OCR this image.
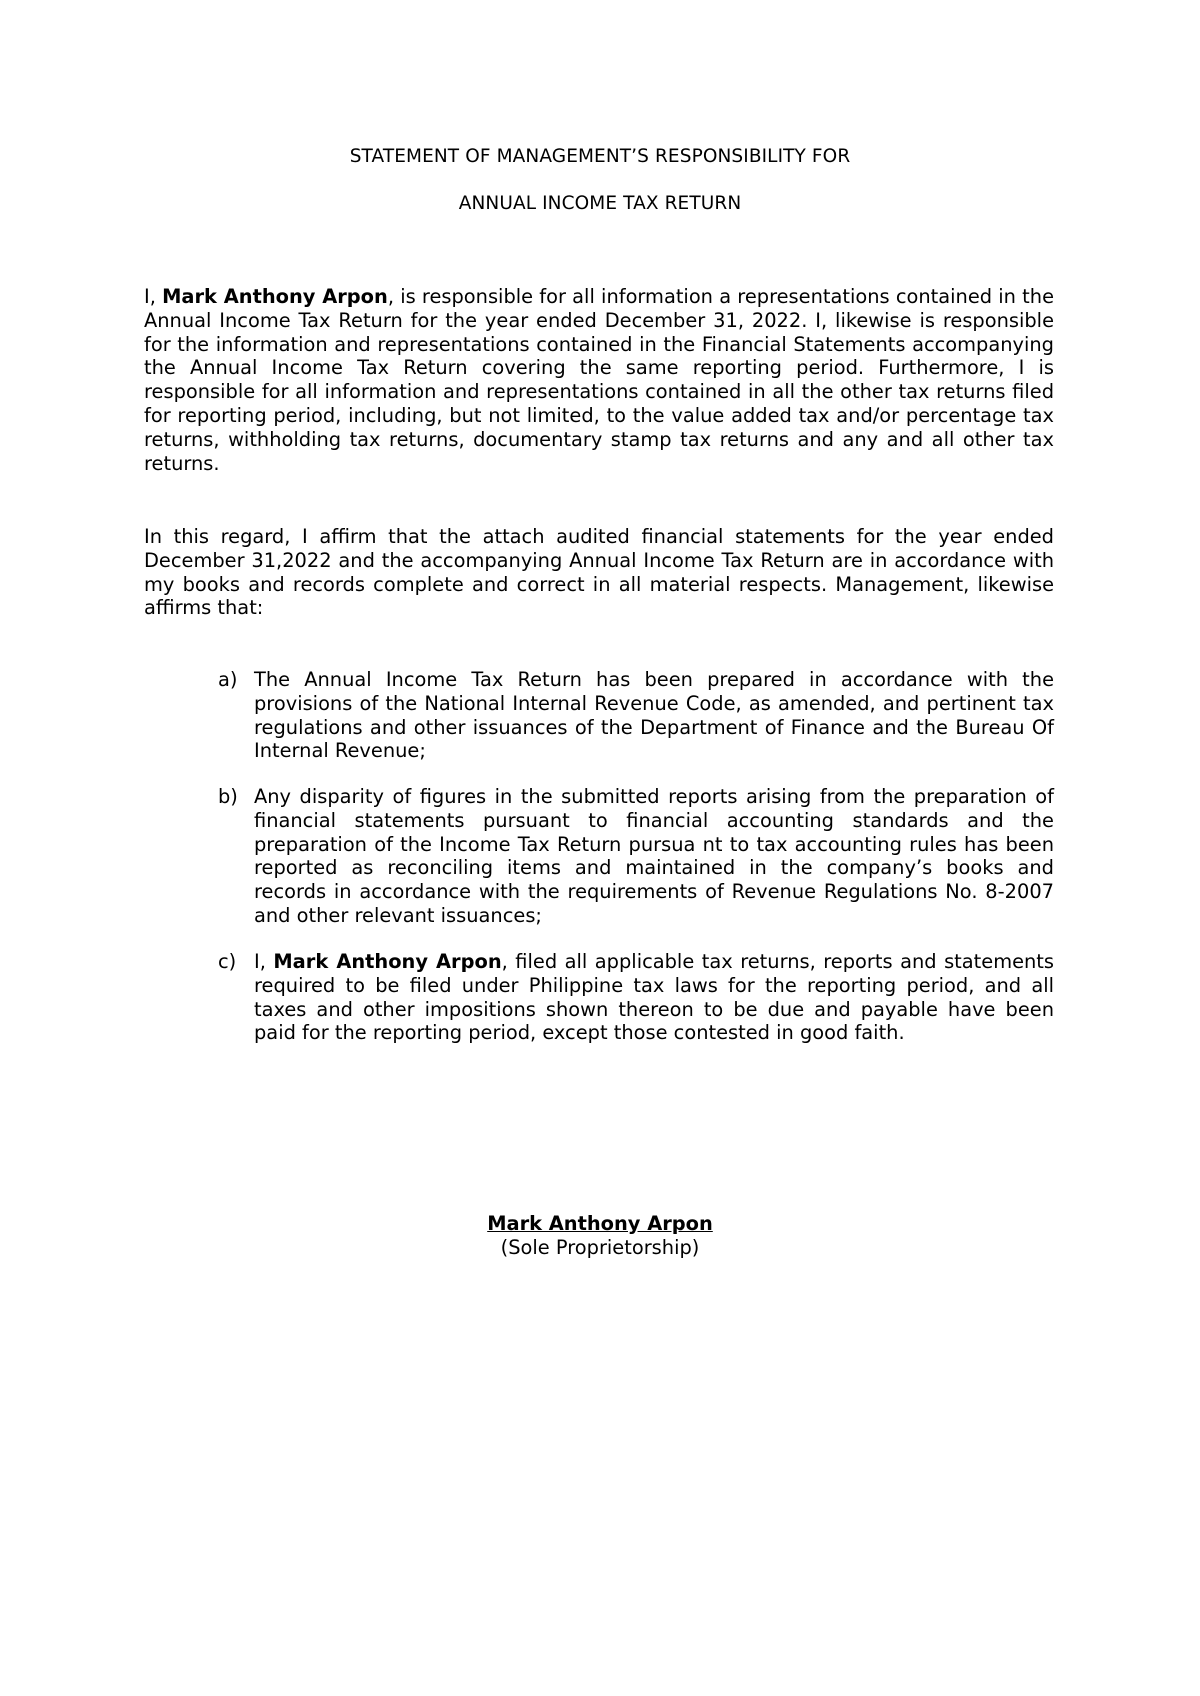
STATEMENT OF MANAGEMENT’S RESPONSIBILITY FOR
ANNUAL INCOME TAX RETURN

I, Mark Anthony Arpon, is responsible for all information a representations contained in the Annual Income Tax Return for the year ended December 31, 2022. I, likewise is responsible for the information and representations contained in the Financial Statements accompanying the Annual Income Tax Return covering the same reporting period. Furthermore, I is responsible for all information and representations contained in all the other tax returns filed for reporting period, including, but not limited, to the value added tax and/or percentage tax returns, withholding tax returns, documentary stamp tax returns and any and all other tax returns.

In this regard, I affirm that the attach audited financial statements for the year ended December 31,2022 and the accompanying Annual Income Tax Return are in accordance with my books and records complete and correct in all material respects. Management, likewise affirms that:

a) The Annual Income Tax Return has been prepared in accordance with the provisions of the National Internal Revenue Code, as amended, and pertinent tax regulations and other issuances of the Department of Finance and the Bureau Of Internal Revenue;

b) Any disparity of figures in the submitted reports arising from the preparation of financial statements pursuant to financial accounting standards and the preparation of the Income Tax Return pursua nt to tax accounting rules has been reported as reconciling items and maintained in the company’s books and records in accordance with the requirements of Revenue Regulations No. 8-2007 and other relevant issuances;

c) I, Mark Anthony Arpon, filed all applicable tax returns, reports and statements required to be filed under Philippine tax laws for the reporting period, and all taxes and other impositions shown thereon to be due and payable have been paid for the reporting period, except those contested in good faith.

Mark Anthony Arpon
(Sole Proprietorship)
